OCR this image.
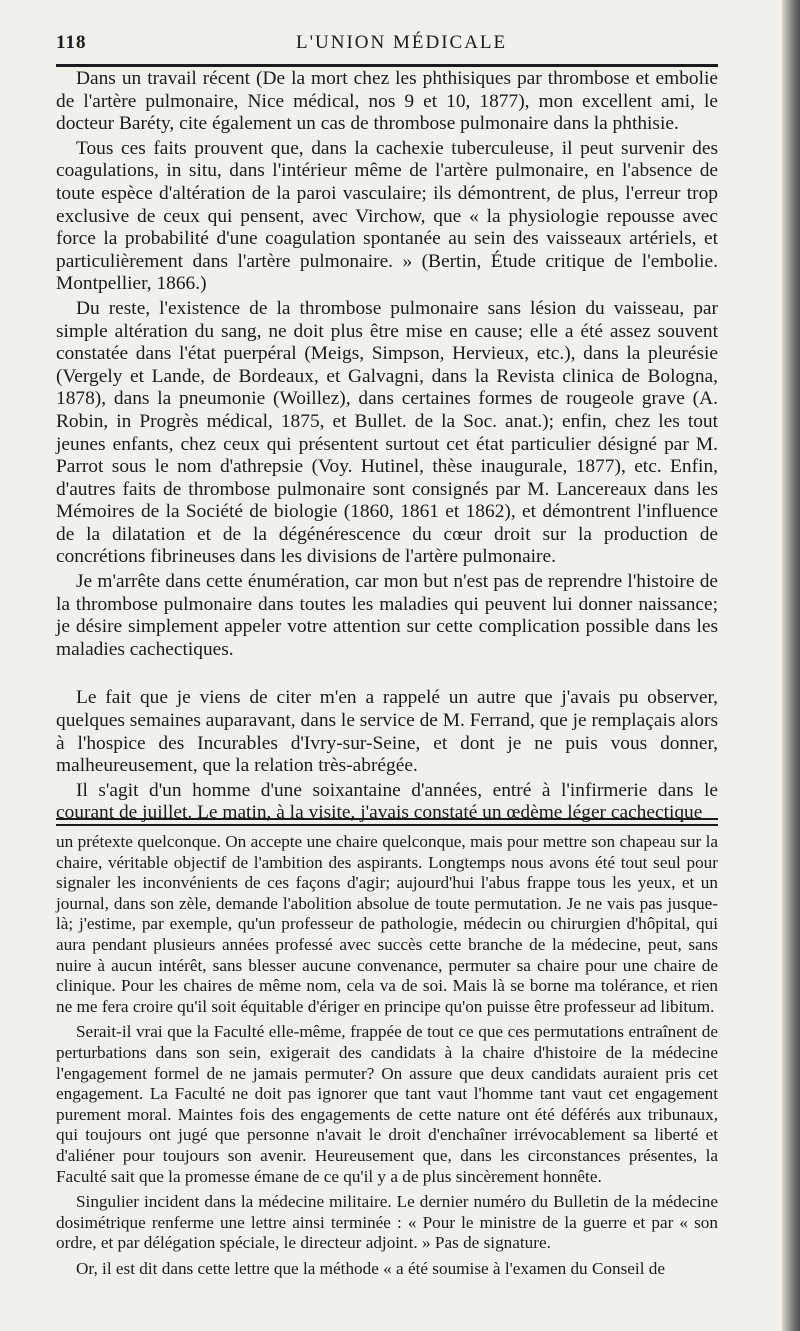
118	L'UNION MÉDICALE

Dans un travail récent (De la mort chez les phthisiques par thrombose et embolie de l'artère pulmonaire, Nice médical, nos 9 et 10, 1877), mon excellent ami, le docteur Baréty, cite également un cas de thrombose pulmonaire dans la phthisie.

Tous ces faits prouvent que, dans la cachexie tuberculeuse, il peut survenir des coagulations, in situ, dans l'intérieur même de l'artère pulmonaire, en l'absence de toute espèce d'altération de la paroi vasculaire; ils démontrent, de plus, l'erreur trop exclusive de ceux qui pensent, avec Virchow, que « la physiologie repousse avec force la probabilité d'une coagulation spontanée au sein des vaisseaux artériels, et particulièrement dans l'artère pulmonaire. » (Bertin, Étude critique de l'embolie. Montpellier, 1866.)

Du reste, l'existence de la thrombose pulmonaire sans lésion du vaisseau, par simple altération du sang, ne doit plus être mise en cause; elle a été assez souvent constatée dans l'état puerpéral (Meigs, Simpson, Hervieux, etc.), dans la pleurésie (Vergely et Lande, de Bordeaux, et Galvagni, dans la Revista clinica de Bologna, 1878), dans la pneumonie (Woillez), dans certaines formes de rougeole grave (A. Robin, in Progrès médical, 1875, et Bullet. de la Soc. anat.); enfin, chez les tout jeunes enfants, chez ceux qui présentent surtout cet état particulier désigné par M. Parrot sous le nom d'athrepsie (Voy. Hutinel, thèse inaugurale, 1877), etc. Enfin, d'autres faits de thrombose pulmonaire sont consignés par M. Lancereaux dans les Mémoires de la Société de biologie (1860, 1861 et 1862), et démontrent l'influence de la dilatation et de la dégénérescence du cœur droit sur la production de concrétions fibrineuses dans les divisions de l'artère pulmonaire.

Je m'arrête dans cette énumération, car mon but n'est pas de reprendre l'histoire de la thrombose pulmonaire dans toutes les maladies qui peuvent lui donner naissance; je désire simplement appeler votre attention sur cette complication possible dans les maladies cachectiques.

Le fait que je viens de citer m'en a rappelé un autre que j'avais pu observer, quelques semaines auparavant, dans le service de M. Ferrand, que je remplaçais alors à l'hospice des Incurables d'Ivry-sur-Seine, et dont je ne puis vous donner, malheureusement, que la relation très-abrégée.

Il s'agit d'un homme d'une soixantaine d'années, entré à l'infirmerie dans le courant de juillet. Le matin, à la visite, j'avais constaté un œdème léger cachectique

un prétexte quelconque. On accepte une chaire quelconque, mais pour mettre son chapeau sur la chaire, véritable objectif de l'ambition des aspirants. Longtemps nous avons été tout seul pour signaler les inconvénients de ces façons d'agir; aujourd'hui l'abus frappe tous les yeux, et un journal, dans son zèle, demande l'abolition absolue de toute permutation. Je ne vais pas jusque-là; j'estime, par exemple, qu'un professeur de pathologie, médecin ou chirurgien d'hôpital, qui aura pendant plusieurs années professé avec succès cette branche de la médecine, peut, sans nuire à aucun intérêt, sans blesser aucune convenance, permuter sa chaire pour une chaire de clinique. Pour les chaires de même nom, cela va de soi. Mais là se borne ma tolérance, et rien ne me fera croire qu'il soit équitable d'ériger en principe qu'on puisse être professeur ad libitum.

Serait-il vrai que la Faculté elle-même, frappée de tout ce que ces permutations entraînent de perturbations dans son sein, exigerait des candidats à la chaire d'histoire de la médecine l'engagement formel de ne jamais permuter? On assure que deux candidats auraient pris cet engagement. La Faculté ne doit pas ignorer que tant vaut l'homme tant vaut cet engagement purement moral. Maintes fois des engagements de cette nature ont été déférés aux tribunaux, qui toujours ont jugé que personne n'avait le droit d'enchaîner irrévocablement sa liberté et d'aliéner pour toujours son avenir. Heureusement que, dans les circonstances présentes, la Faculté sait que la promesse émane de ce qu'il y a de plus sincèrement honnête.

Singulier incident dans la médecine militaire. Le dernier numéro du Bulletin de la médecine dosimétrique renferme une lettre ainsi terminée : « Pour le ministre de la guerre et par « son ordre, et par délégation spéciale, le directeur adjoint. » Pas de signature.

Or, il est dit dans cette lettre que la méthode « a été soumise à l'examen du Conseil de
